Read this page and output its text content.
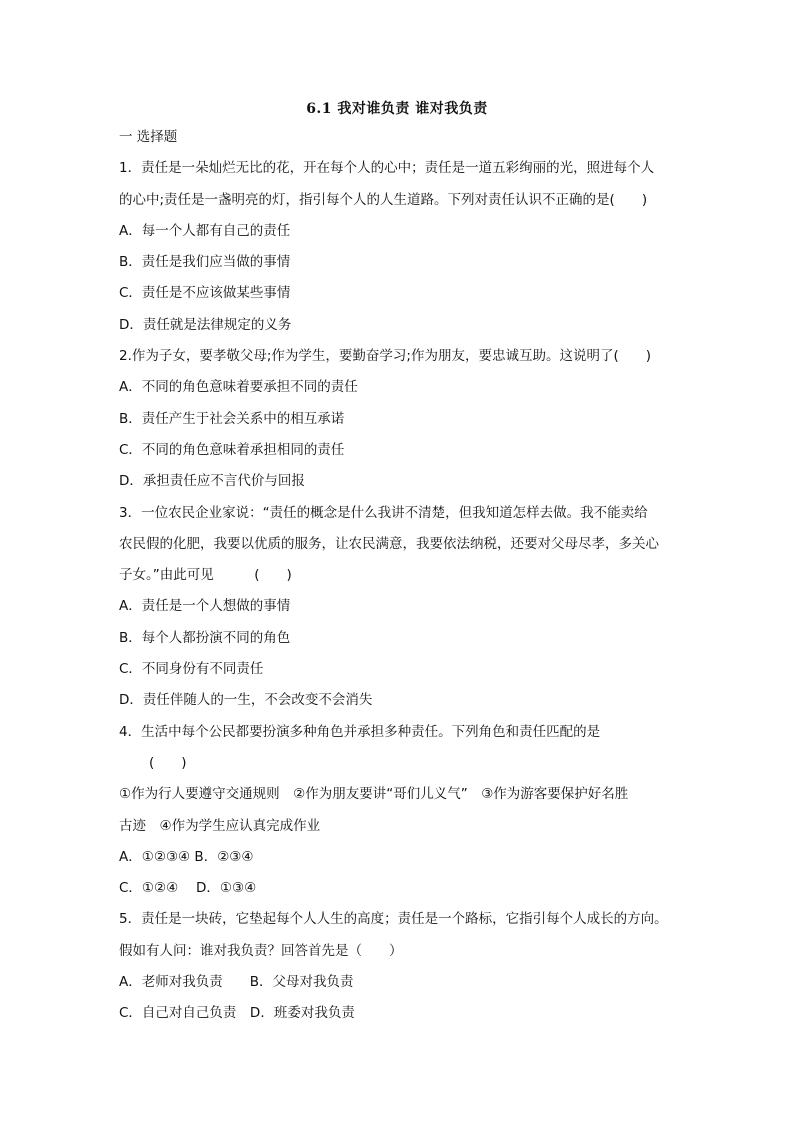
6.1 我对谁负责 谁对我负责
一 选择题
1．责任是一朵灿烂无比的花，开在每个人的心中；责任是一道五彩绚丽的光，照进每个人
的心中;责任是一盏明亮的灯，指引每个人的人生道路。下列对责任认识不正确的是(　　)
A．每一个人都有自己的责任
B．责任是我们应当做的事情
C．责任是不应该做某些事情
D．责任就是法律规定的义务
2.作为子女，要孝敬父母;作为学生，要勤奋学习;作为朋友，要忠诚互助。这说明了(　　)
A．不同的角色意味着要承担不同的责任
B．责任产生于社会关系中的相互承诺
C．不同的角色意味着承担相同的责任
D．承担责任应不言代价与回报
3．一位农民企业家说：“责任的概念是什么我讲不清楚，但我知道怎样去做。我不能卖给
农民假的化肥，我要以优质的服务，让农民满意，我要依法纳税，还要对父母尽孝，多关心
子女。”由此可见　　　(　　)
A．责任是一个人想做的事情
B．每个人都扮演不同的角色
C．不同身份有不同责任
D．责任伴随人的一生，不会改变不会消失
4．生活中每个公民都要扮演多种角色并承担多种责任。下列角色和责任匹配的是
(　　)
①作为行人要遵守交通规则　②作为朋友要讲“哥们儿义气”　③作为游客要保护好名胜
古迹　④作为学生应认真完成作业
A．①②③④ B．②③④
C．①②④　 D．①③④
5．责任是一块砖，它垫起每个人人生的高度；责任是一个路标，它指引每个人成长的方向。
假如有人问：谁对我负责？回答首先是（　　）
A．老师对我负责　　B．父母对我负责
C．自己对自己负责　D．班委对我负责
